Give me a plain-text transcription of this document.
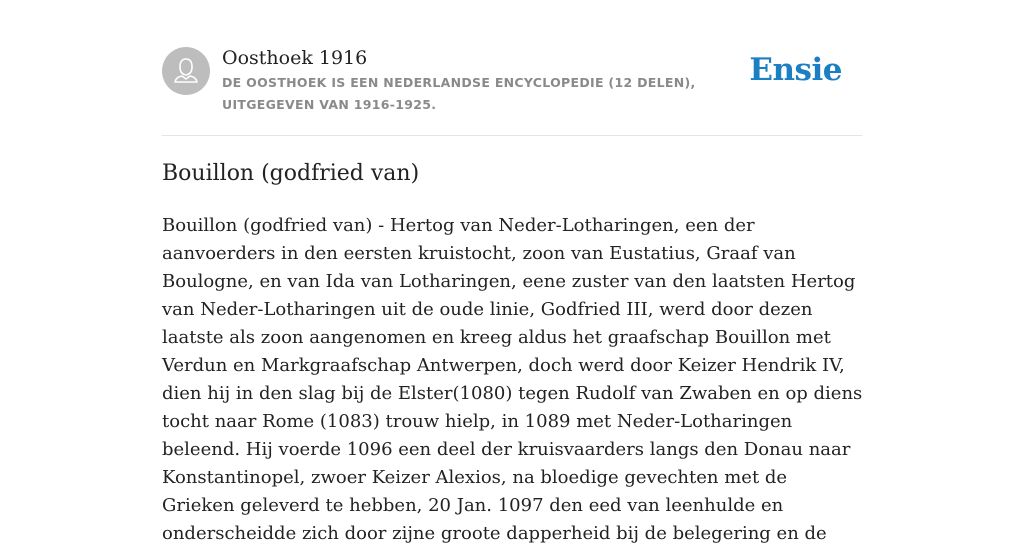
Oosthoek 1916
DE OOSTHOEK IS EEN NEDERLANDSE ENCYCLOPEDIE (12 DELEN), UITGEGEVEN VAN 1916-1925.
Ensie
Bouillon (godfried van)

Bouillon (godfried van) - Hertog van Neder-Lotharingen, een der aanvoerders in den eersten kruistocht, zoon van Eustatius, Graaf van Boulogne, en van Ida van Lotharingen, eene zuster van den laatsten Hertog van Neder-Lotharingen uit de oude linie, Godfried III, werd door dezen laatste als zoon aangenomen en kreeg aldus het graafschap Bouillon met Verdun en Markgraafschap Antwerpen, doch werd door Keizer Hendrik IV, dien hij in den slag bij de Elster(1080) tegen Rudolf van Zwaben en op diens tocht naar Rome (1083) trouw hielp, in 1089 met Neder-Lotharingen beleend. Hij voerde 1096 een deel der kruisvaarders langs den Donau naar Konstantinopel, zwoer Keizer Alexios, na bloedige gevechten met de Grieken geleverd te hebben, 20 Jan. 1097 den eed van leenhulde en onderscheidde zich door zijne groote dapperheid bij de belegering en de
